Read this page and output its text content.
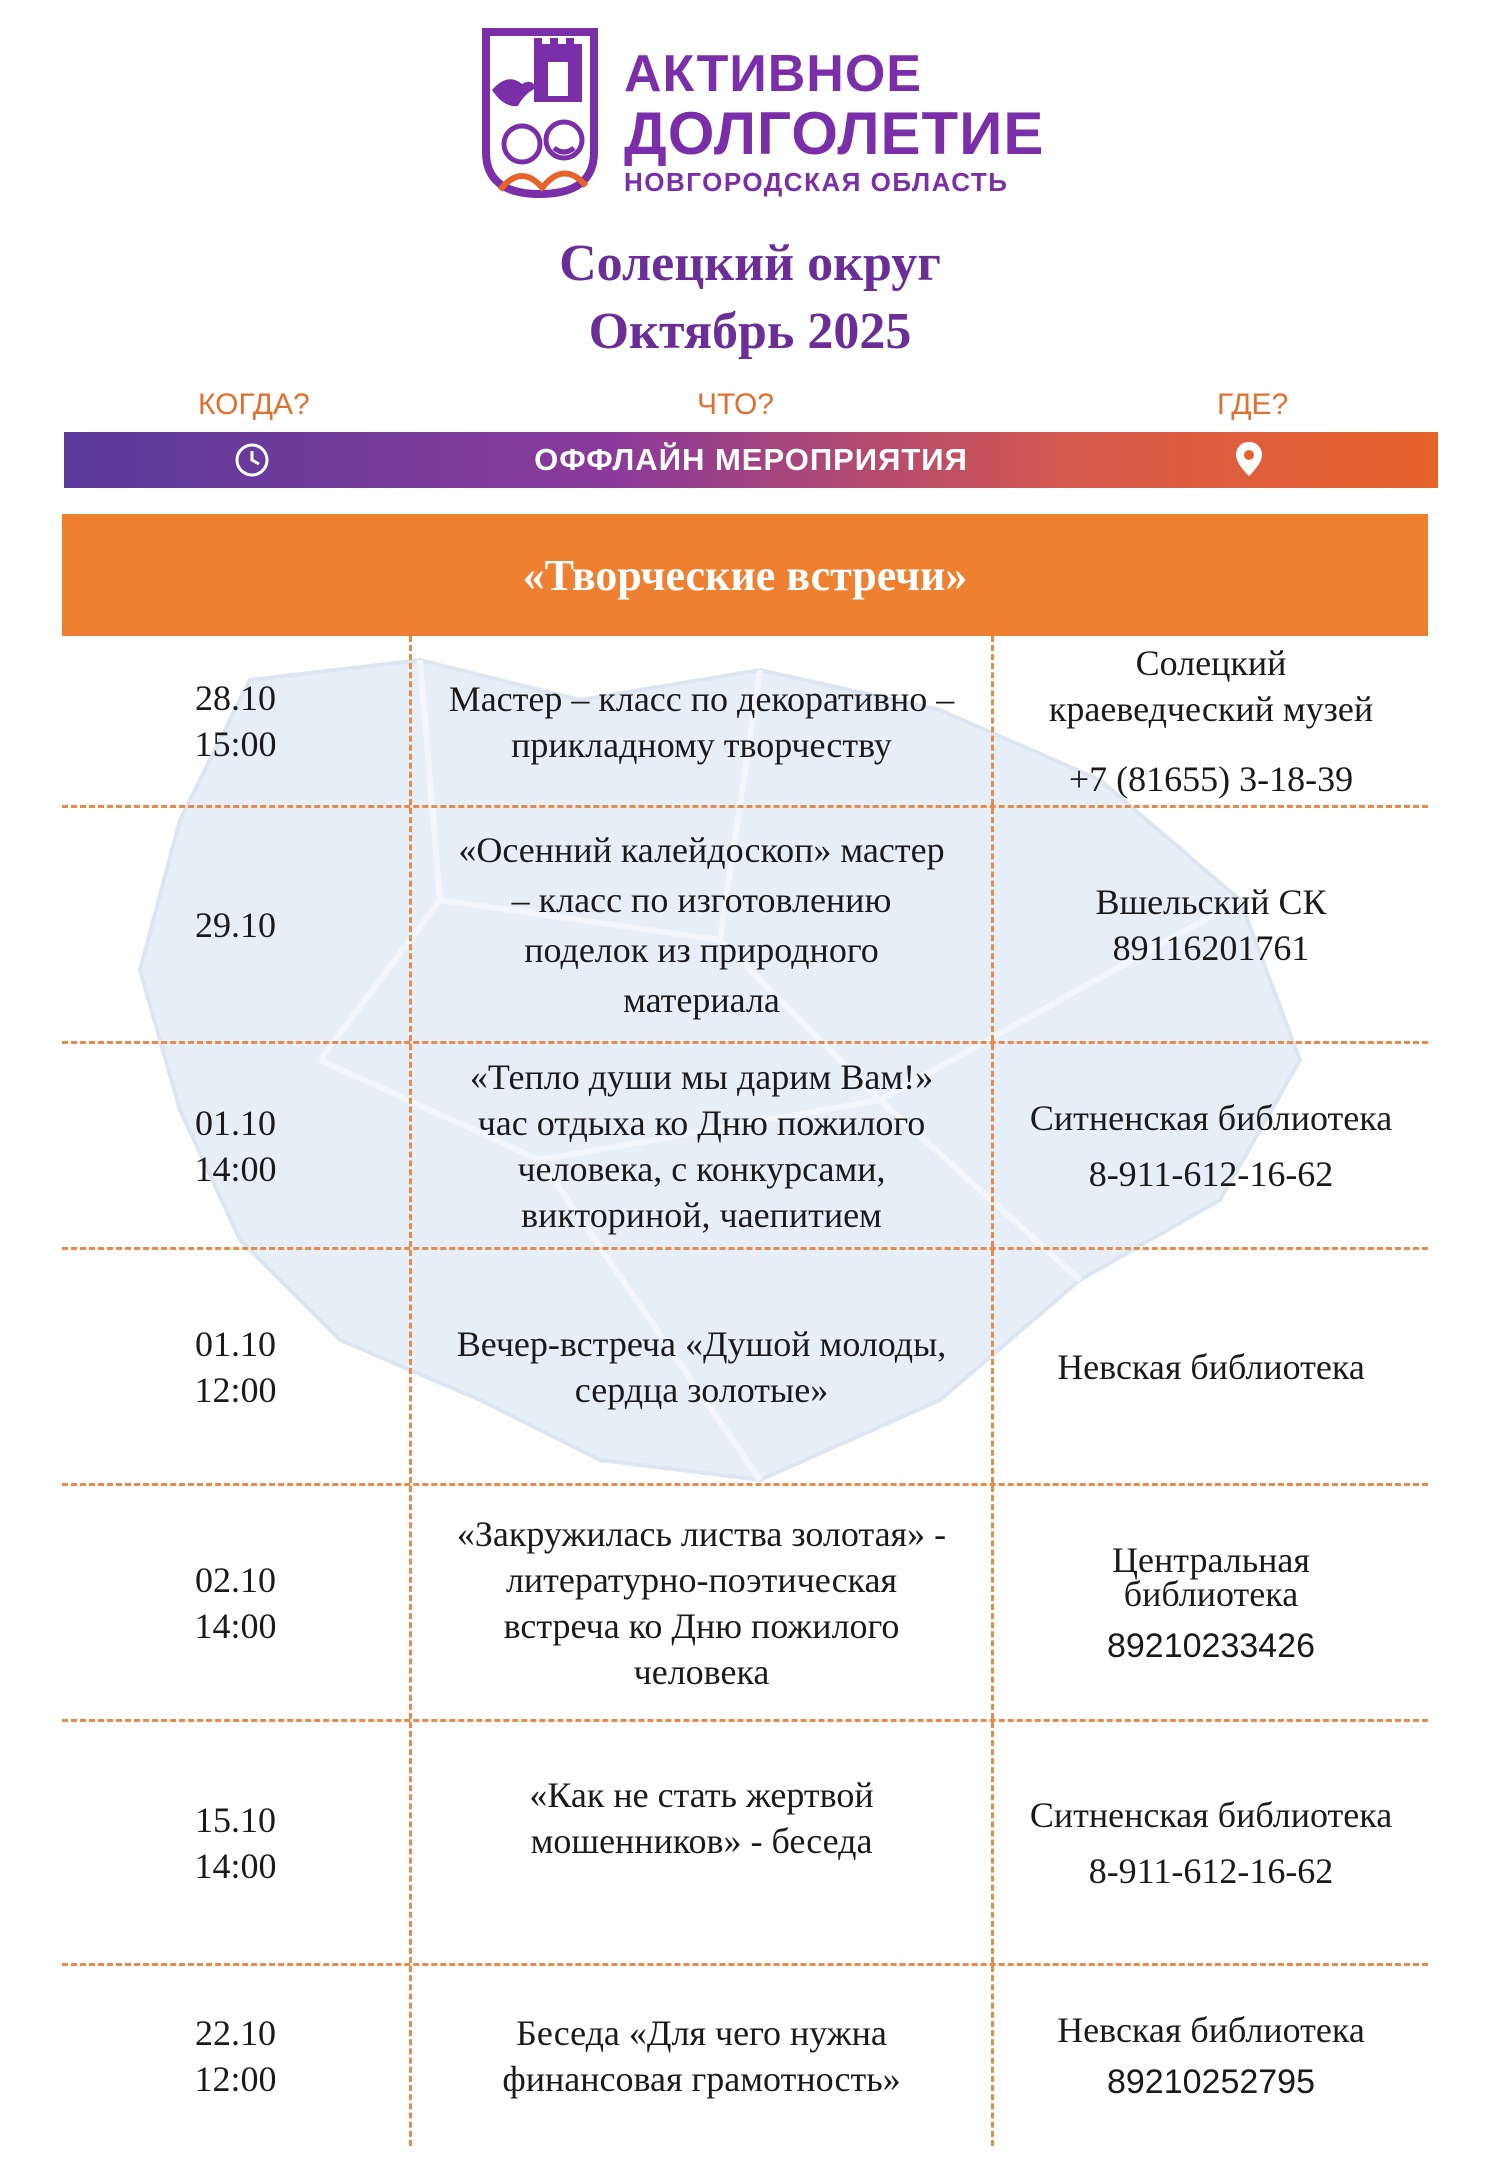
АКТИВНОЕ
ДОЛГОЛЕТИЕ
НОВГОРОДСКАЯ ОБЛАСТЬ
Солецкий округ
Октябрь 2025
КОГДА?	ЧТО?	ГДЕ?
ОФФЛАЙН МЕРОПРИЯТИЯ
«Творческие встречи»
28.10
15:00
Мастер – класс по декоративно –
прикладному творчеству
Солецкий
краеведческий музей
+7 (81655) 3-18-39
29.10
«Осенний калейдоскоп» мастер
– класс по изготовлению
поделок из природного
материала
Вшельский СК
89116201761
01.10
14:00
«Тепло души мы дарим Вам!»
час отдыха ко Дню пожилого
человека, с конкурсами,
викториной, чаепитием
Ситненская библиотека
8-911-612-16-62
01.10
12:00
Вечер-встреча «Душой молоды,
сердца золотые»
Невская библиотека
02.10
14:00
«Закружилась листва золотая» -
литературно-поэтическая
встреча ко Дню пожилого
человека
Центральная
библиотека
89210233426
15.10
14:00
«Как не стать жертвой
мошенников» - беседа
Ситненская библиотека
8-911-612-16-62
22.10
12:00
Беседа «Для чего нужна
финансовая грамотность»
Невская библиотека
89210252795
